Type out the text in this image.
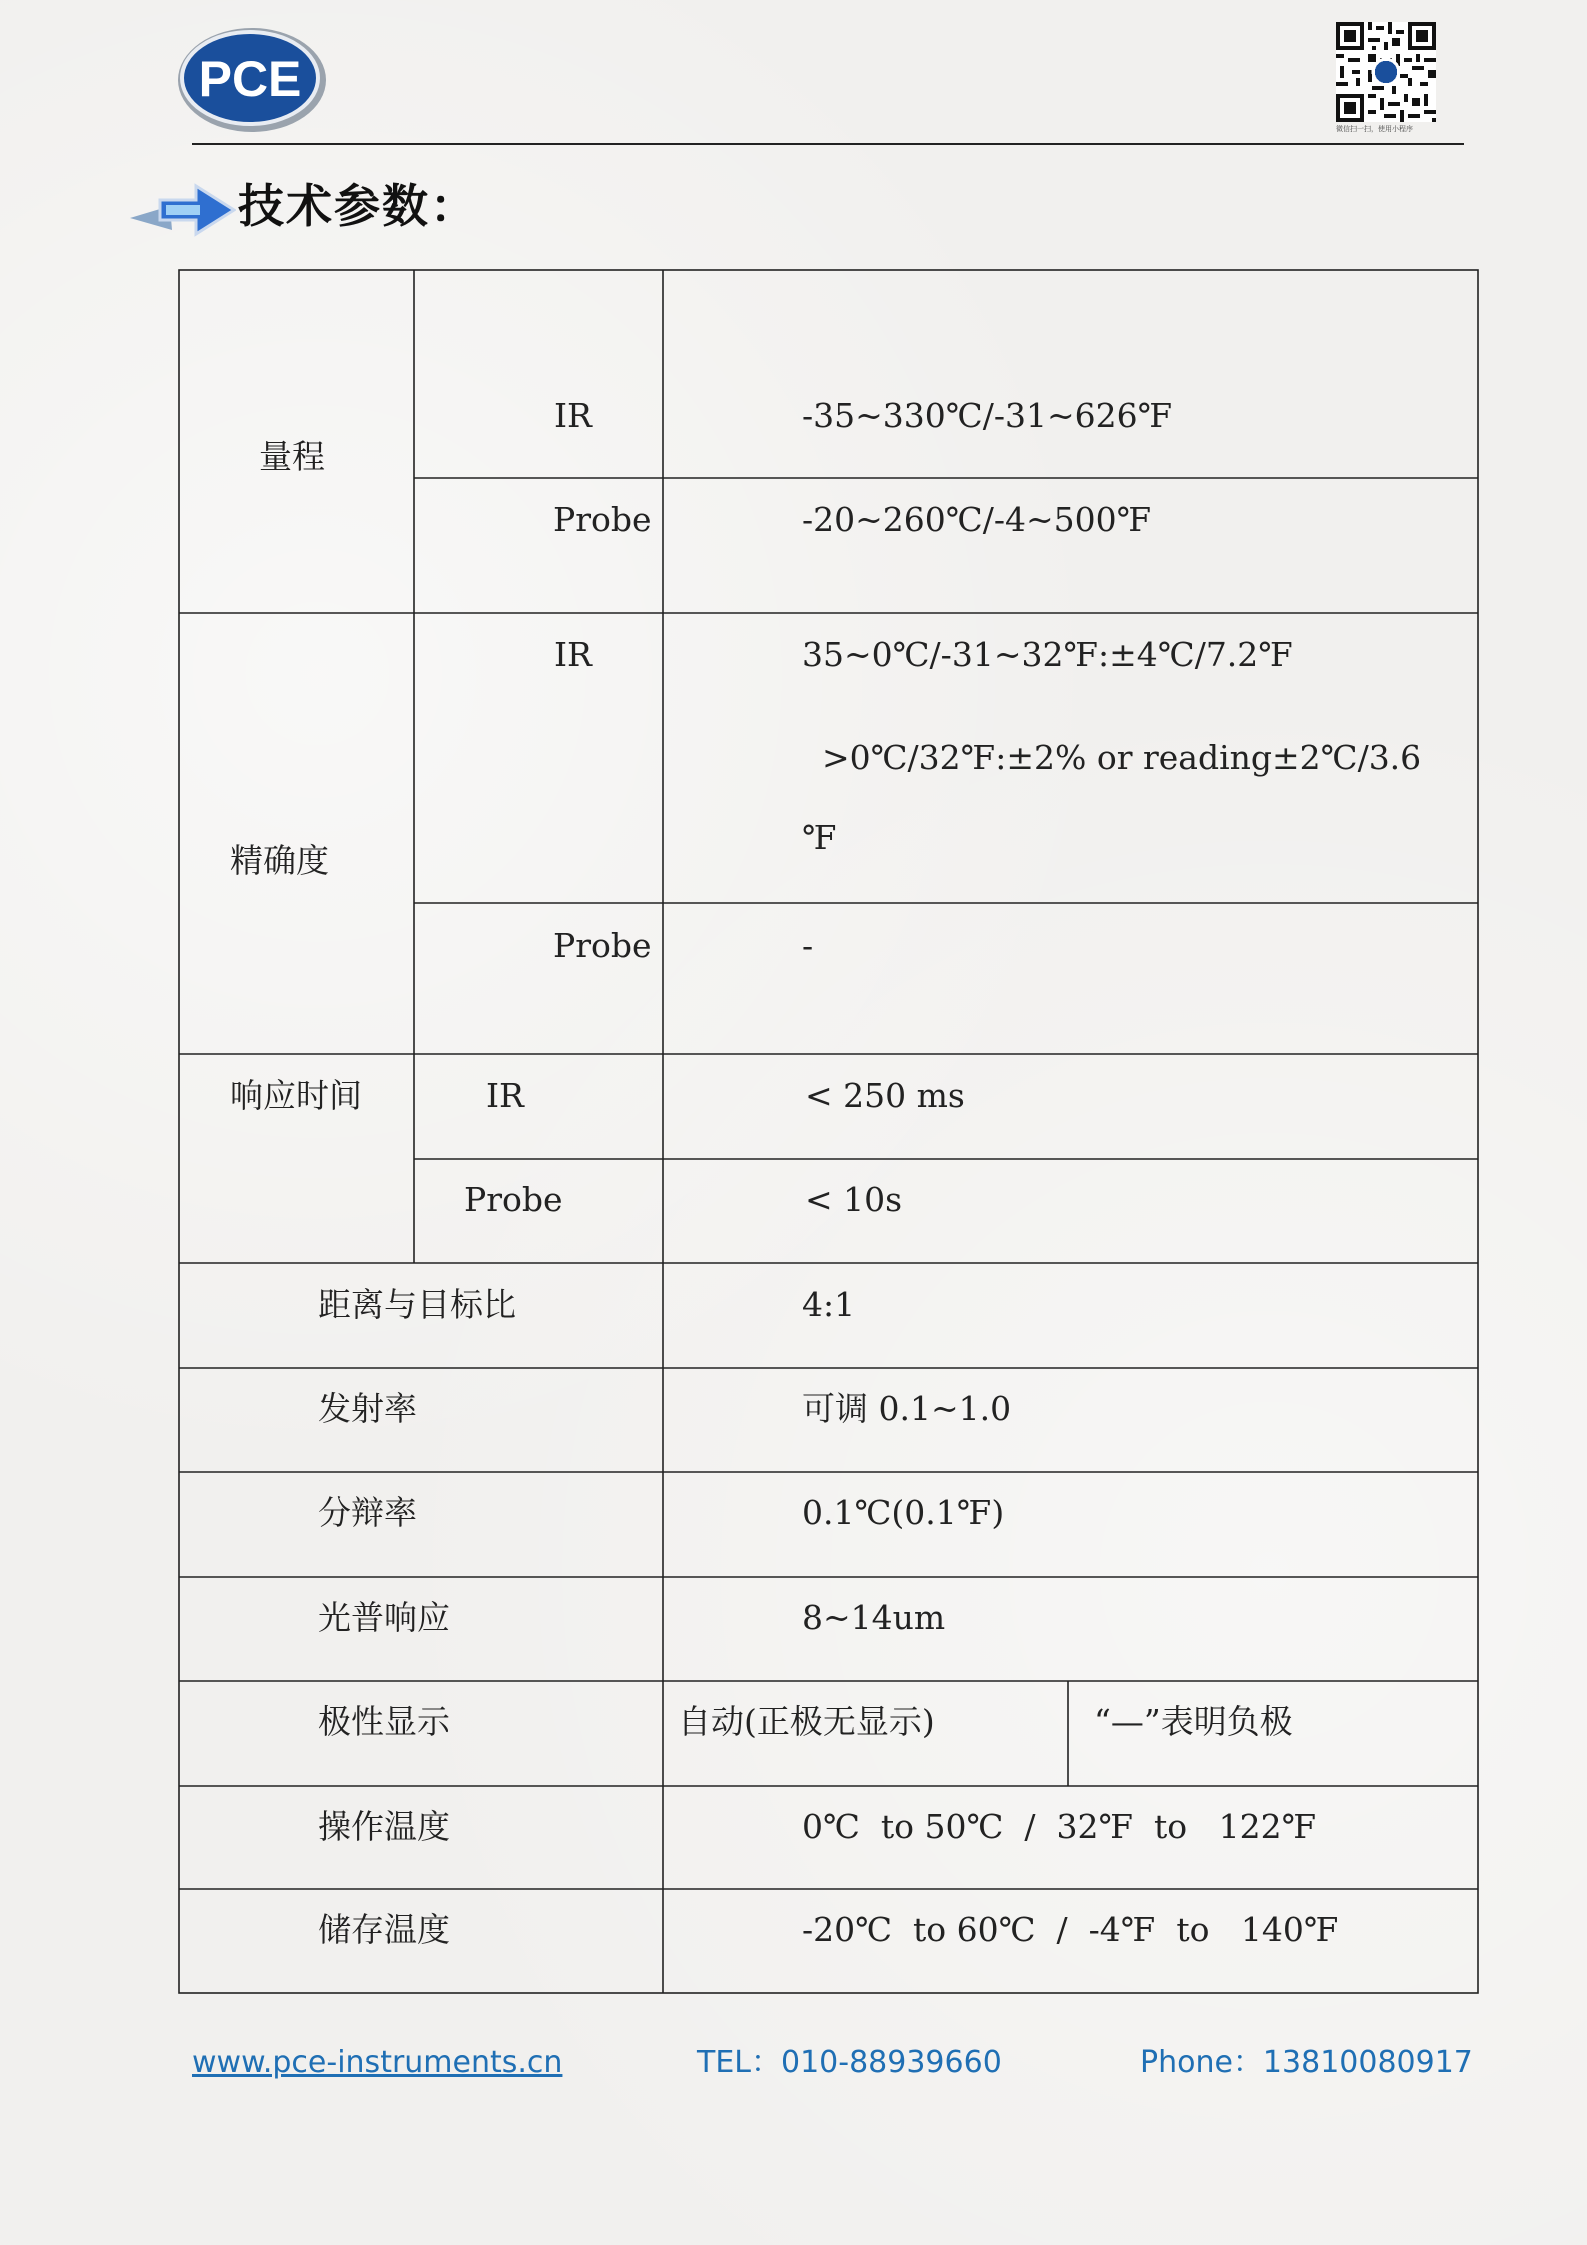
PCE
微信扫一扫，使用小程序
技术参数：
量程
IR	-35~330℃/-31~626℉
Probe	-20~260℃/-4~500℉
精确度
IR	35~0℃/-31~32℉:±4℃/7.2℉
>0℃/32℉:±2% or reading±2℃/3.6
℉
Probe	-
响应时间	IR	< 250 ms
Probe	< 10s
距离与目标比	4:1
发射率	可调 0.1~1.0
分辩率	0.1℃(0.1℉)
光普响应	8~14um
极性显示	自动(正极无显示)	“—”表明负极
操作温度	0℃  to 50℃  /  32℉  to   122℉
储存温度	-20℃  to 60℃  /  -4℉  to   140℉
www.pce-instruments.cn	TEL：010-88939660	Phone：13810080917
